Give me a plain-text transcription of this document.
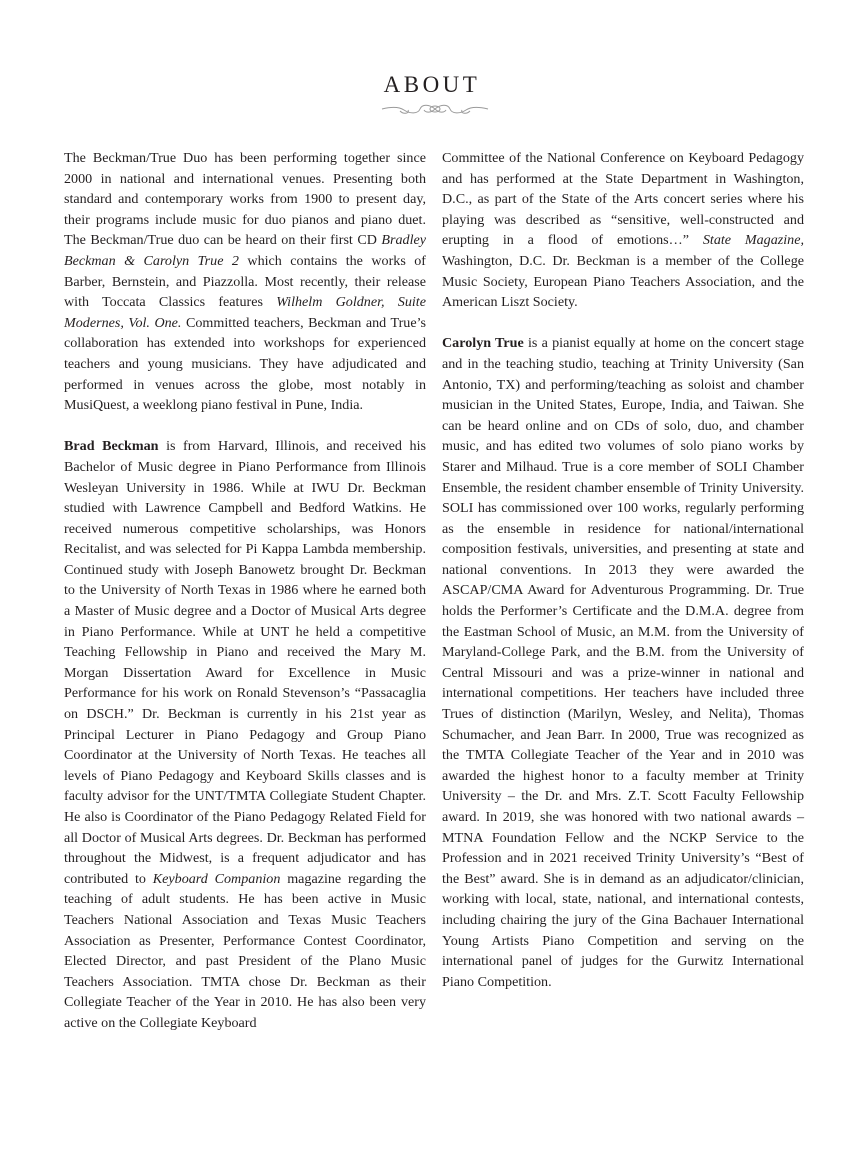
ABOUT

The Beckman/True Duo has been performing together since 2000 in national and international venues. Presenting both standard and contemporary works from 1900 to present day, their programs include music for duo pianos and piano duet. The Beckman/True duo can be heard on their first CD Bradley Beckman & Carolyn True 2 which contains the works of Barber, Bernstein, and Piazzolla. Most recently, their release with Toccata Classics features Wilhelm Goldner, Suite Modernes, Vol. One. Committed teachers, Beckman and True’s collaboration has extended into workshops for experienced teachers and young musicians. They have adjudicated and performed in venues across the globe, most notably in MusiQuest, a weeklong piano festival in Pune, India.

Brad Beckman is from Harvard, Illinois, and received his Bachelor of Music degree in Piano Performance from Illinois Wesleyan University in 1986. While at IWU Dr. Beckman studied with Lawrence Campbell and Bedford Watkins. He received numerous competitive scholarships, was Honors Recitalist, and was selected for Pi Kappa Lambda membership. Continued study with Joseph Banowetz brought Dr. Beckman to the University of North Texas in 1986 where he earned both a Master of Music degree and a Doctor of Musical Arts degree in Piano Performance. While at UNT he held a competitive Teaching Fellowship in Piano and received the Mary M. Morgan Dissertation Award for Excellence in Music Performance for his work on Ronald Stevenson’s “Passacaglia on DSCH.” Dr. Beckman is currently in his 21st year as Principal Lecturer in Piano Pedagogy and Group Piano Coordinator at the University of North Texas. He teaches all levels of Piano Pedagogy and Keyboard Skills classes and is faculty advisor for the UNT/TMTA Collegiate Student Chapter. He also is Coordinator of the Piano Pedagogy Related Field for all Doctor of Musical Arts degrees. Dr. Beckman has performed throughout the Midwest, is a frequent adjudicator and has contributed to Keyboard Companion magazine regarding the teaching of adult students. He has been active in Music Teachers National Association and Texas Music Teachers Association as Presenter, Performance Contest Coordinator, Elected Director, and past President of the Plano Music Teachers Association. TMTA chose Dr. Beckman as their Collegiate Teacher of the Year in 2010. He has also been very active on the Collegiate Keyboard

Committee of the National Conference on Keyboard Pedagogy and has performed at the State Department in Washington, D.C., as part of the State of the Arts concert series where his playing was described as “sensitive, well-constructed and erupting in a flood of emotions…” State Magazine, Washington, D.C. Dr. Beckman is a member of the College Music Society, European Piano Teachers Association, and the American Liszt Society.

Carolyn True is a pianist equally at home on the concert stage and in the teaching studio, teaching at Trinity University (San Antonio, TX) and performing/teaching as soloist and chamber musician in the United States, Europe, India, and Taiwan. She can be heard online and on CDs of solo, duo, and chamber music, and has edited two volumes of solo piano works by Starer and Milhaud. True is a core member of SOLI Chamber Ensemble, the resident chamber ensemble of Trinity University. SOLI has commissioned over 100 works, regularly performing as the ensemble in residence for national/international composition festivals, universities, and presenting at state and national conventions. In 2013 they were awarded the ASCAP/CMA Award for Adventurous Programming. Dr. True holds the Performer’s Certificate and the D.M.A. degree from the Eastman School of Music, an M.M. from the University of Maryland-College Park, and the B.M. from the University of Central Missouri and was a prize-winner in national and international competitions. Her teachers have included three Trues of distinction (Marilyn, Wesley, and Nelita), Thomas Schumacher, and Jean Barr. In 2000, True was recognized as the TMTA Collegiate Teacher of the Year and in 2010 was awarded the highest honor to a faculty member at Trinity University – the Dr. and Mrs. Z.T. Scott Faculty Fellowship award. In 2019, she was honored with two national awards – MTNA Foundation Fellow and the NCKP Service to the Profession and in 2021 received Trinity University’s “Best of the Best” award. She is in demand as an adjudicator/clinician, working with local, state, national, and international contests, including chairing the jury of the Gina Bachauer International Young Artists Piano Competition and serving on the international panel of judges for the Gurwitz International Piano Competition.
